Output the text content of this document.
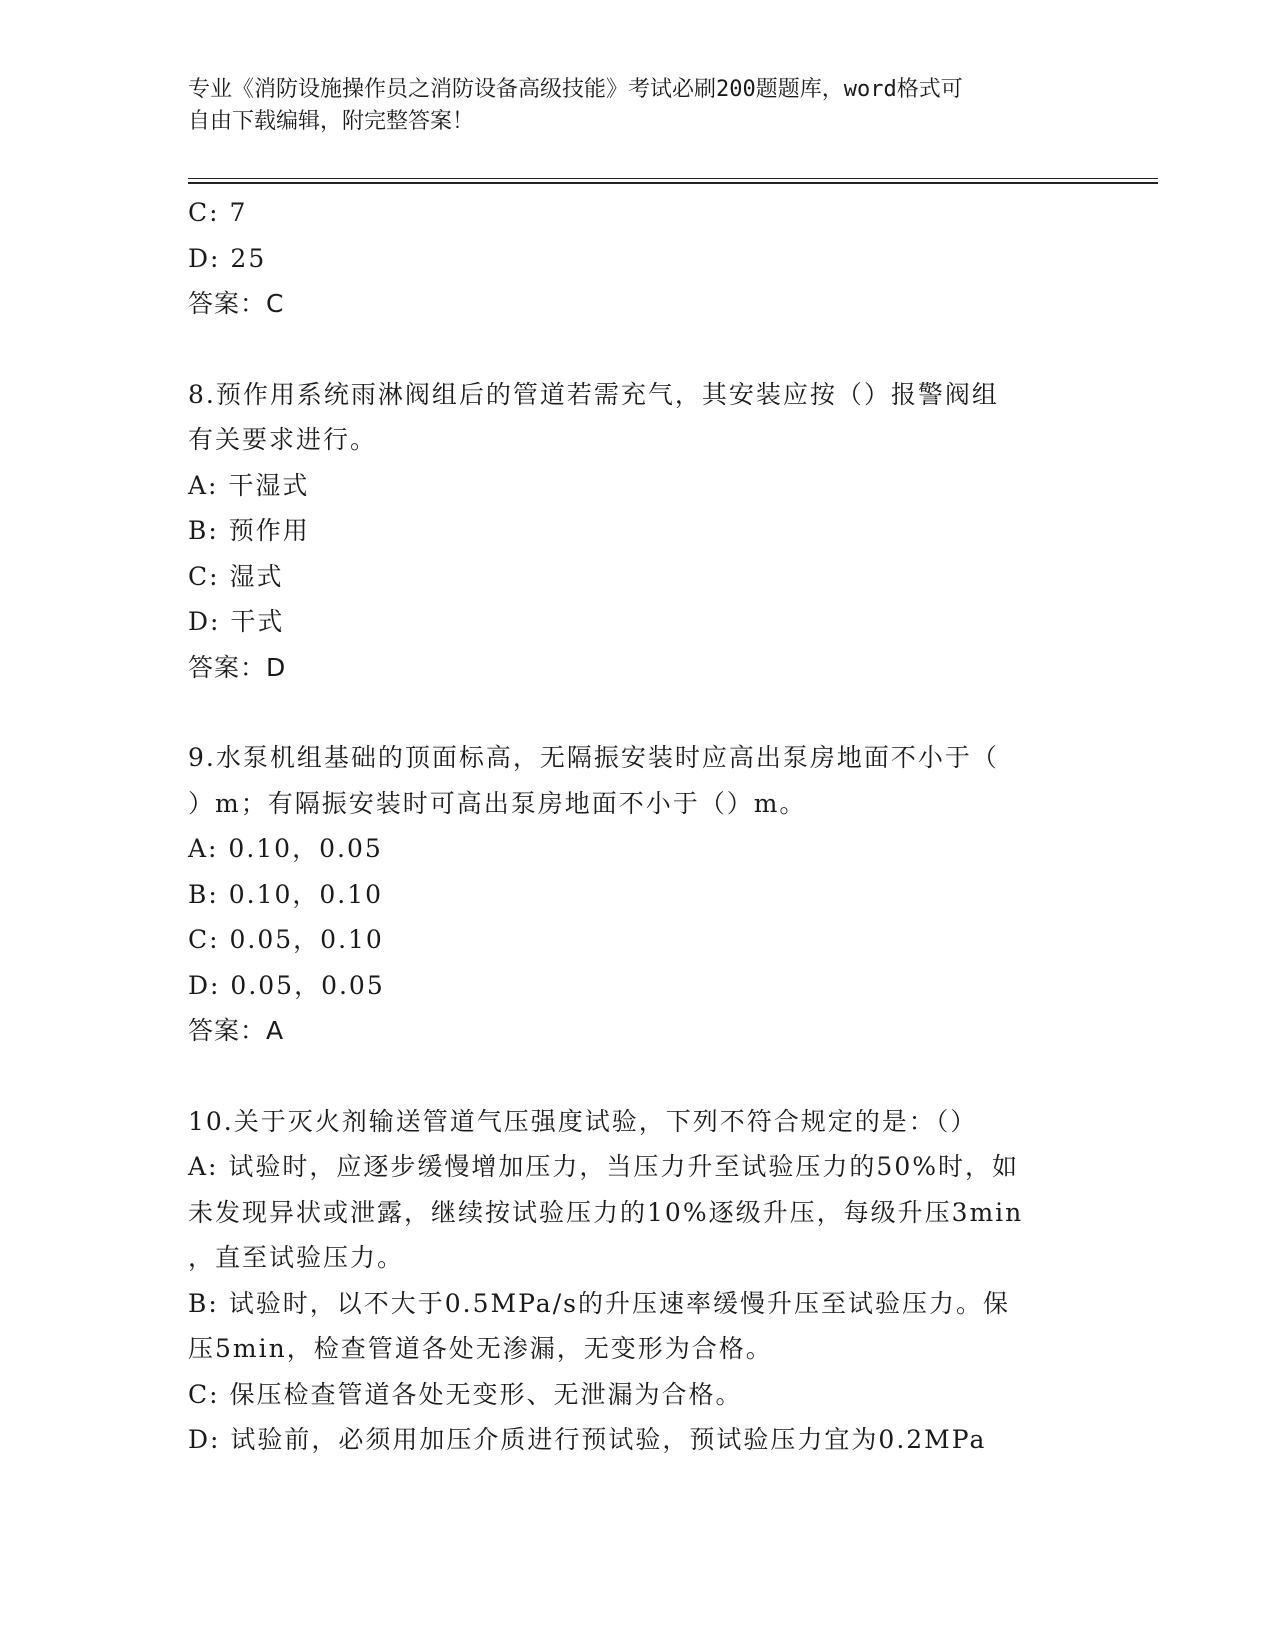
专业《消防设施操作员之消防设备高级技能》考试必刷200题题库，word格式可
自由下载编辑，附完整答案！
C: 7
D: 25
答案：C
8.预作用系统雨淋阀组后的管道若需充气，其安装应按（）报警阀组
有关要求进行。
A: 干湿式
B: 预作用
C: 湿式
D: 干式
答案：D
9.水泵机组基础的顶面标高，无隔振安装时应高出泵房地面不小于（
）m；有隔振安装时可高出泵房地面不小于（）m。
A: 0.10，0.05
B: 0.10，0.10
C: 0.05，0.10
D: 0.05，0.05
答案：A
10.关于灭火剂输送管道气压强度试验，下列不符合规定的是：（）
A: 试验时，应逐步缓慢增加压力，当压力升至试验压力的50%时，如
未发现异状或泄露，继续按试验压力的10%逐级升压，每级升压3min
，直至试验压力。
B: 试验时，以不大于0.5MPa/s的升压速率缓慢升压至试验压力。保
压5min，检查管道各处无渗漏，无变形为合格。
C: 保压检查管道各处无变形、无泄漏为合格。
D: 试验前，必须用加压介质进行预试验，预试验压力宜为0.2MPa
